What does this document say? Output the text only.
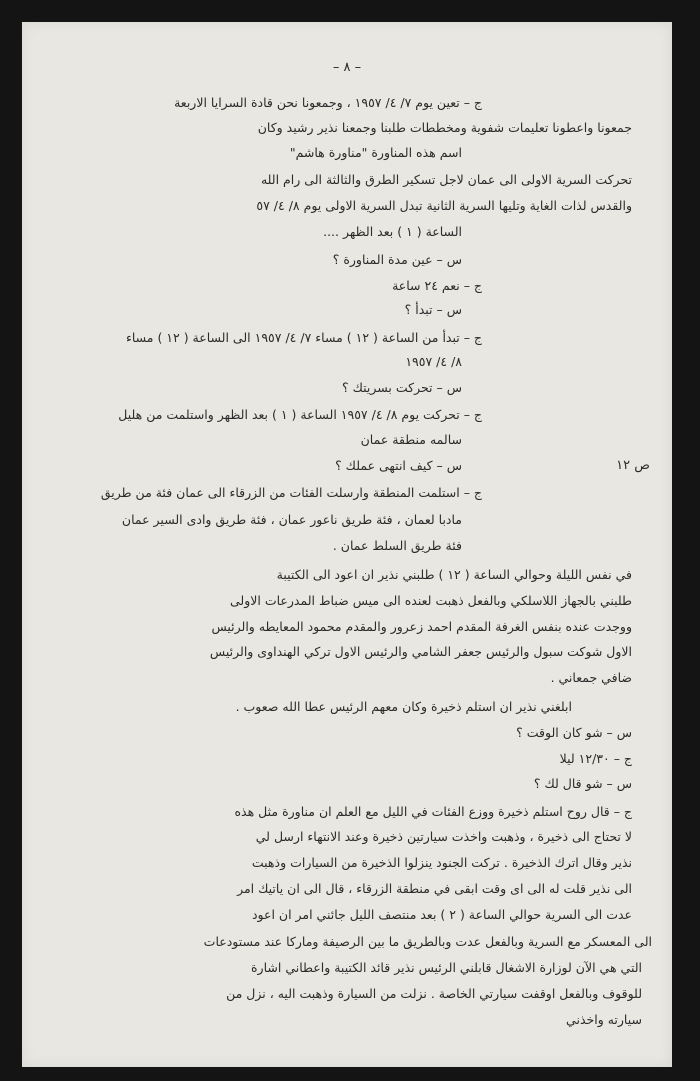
– ٨ –
ص ١٢
ج – تعين يوم ٧/ ٤/ ١٩٥٧ ، وجمعونا نحن قادة السرايا الاربعة
جمعونا واعطونا تعليمات شفوية ومخططات طلبنا وجمعنا نذير رشيد وكان
اسم هذه المناورة "مناورة هاشم"
تحركت السرية الاولى الى عمان لاجل تسكير الطرق والثالثة الى رام الله
والقدس لذات الغاية وتليها السرية الثانية تبدل السرية الاولى يوم ٨/ ٤/ ٥٧
الساعة ( ١ ) بعد الظهر ....
س – عين مدة المناورة ؟
ج – نعم ٢٤ ساعة
س – تبدأ ؟
ج – تبدأ من الساعة ( ١٢ ) مساء ٧/ ٤/ ١٩٥٧ الى الساعة ( ١٢ ) مساء
٨/ ٤/ ١٩٥٧
س – تحركت بسريتك ؟
ج – تحركت يوم ٨/ ٤/ ١٩٥٧ الساعة ( ١ ) بعد الظهر واستلمت من هليل
سالمه منطقة عمان
س – كيف انتهى عملك ؟
ج – استلمت المنطقة وارسلت الفئات من الزرقاء الى عمان فئة من طريق
مادبا لعمان ، فئة طريق ناعور عمان ، فئة طريق وادى السير عمان
فئة طريق السلط عمان .
في نفس الليلة وحوالي الساعة ( ١٢ ) طلبني نذير ان اعود الى الكتيبة
طلبني بالجهاز اللاسلكي وبالفعل ذهبت لعنده الى ميس ضباط المدرعات الاولى
ووجدت عنده بنفس الغرفة المقدم احمد زعرور والمقدم محمود المعايطه والرئيس
الاول شوكت سبول والرئيس جعفر الشامي والرئيس الاول تركي الهنداوى والرئيس
ضافي جمعاني .
ابلغني نذير ان استلم ذخيرة وكان معهم الرئيس عطا الله صعوب .
س – شو كان الوقت ؟
ج – ١٢/٣٠ ليلا
س – شو قال لك ؟
ج – قال روح استلم ذخيرة ووزع الفئات في الليل مع العلم ان مناورة مثل هذه
لا تحتاج الى ذخيرة ، وذهبت واخذت سيارتين ذخيرة وعند الانتهاء ارسل لي
نذير وقال اترك الذخيرة . تركت الجنود ينزلوا الذخيرة من السيارات وذهبت
الى نذير قلت له الى اى وقت ابقى في منطقة الزرقاء ، قال الى ان ياتيك امر
عدت الى السرية حوالي الساعة ( ٢ ) بعد منتصف الليل جائني امر ان اعود
الى المعسكر مع السرية وبالفعل عدت وبالطريق ما بين الرصيفة وماركا عند مستودعات
التي هي الآن لوزارة الاشغال قابلني الرئيس نذير قائد الكتيبة واعطاني اشارة
للوقوف وبالفعل اوقفت سيارتي الخاصة . نزلت من السيارة وذهبت اليه ، نزل من
سيارته واخذني
